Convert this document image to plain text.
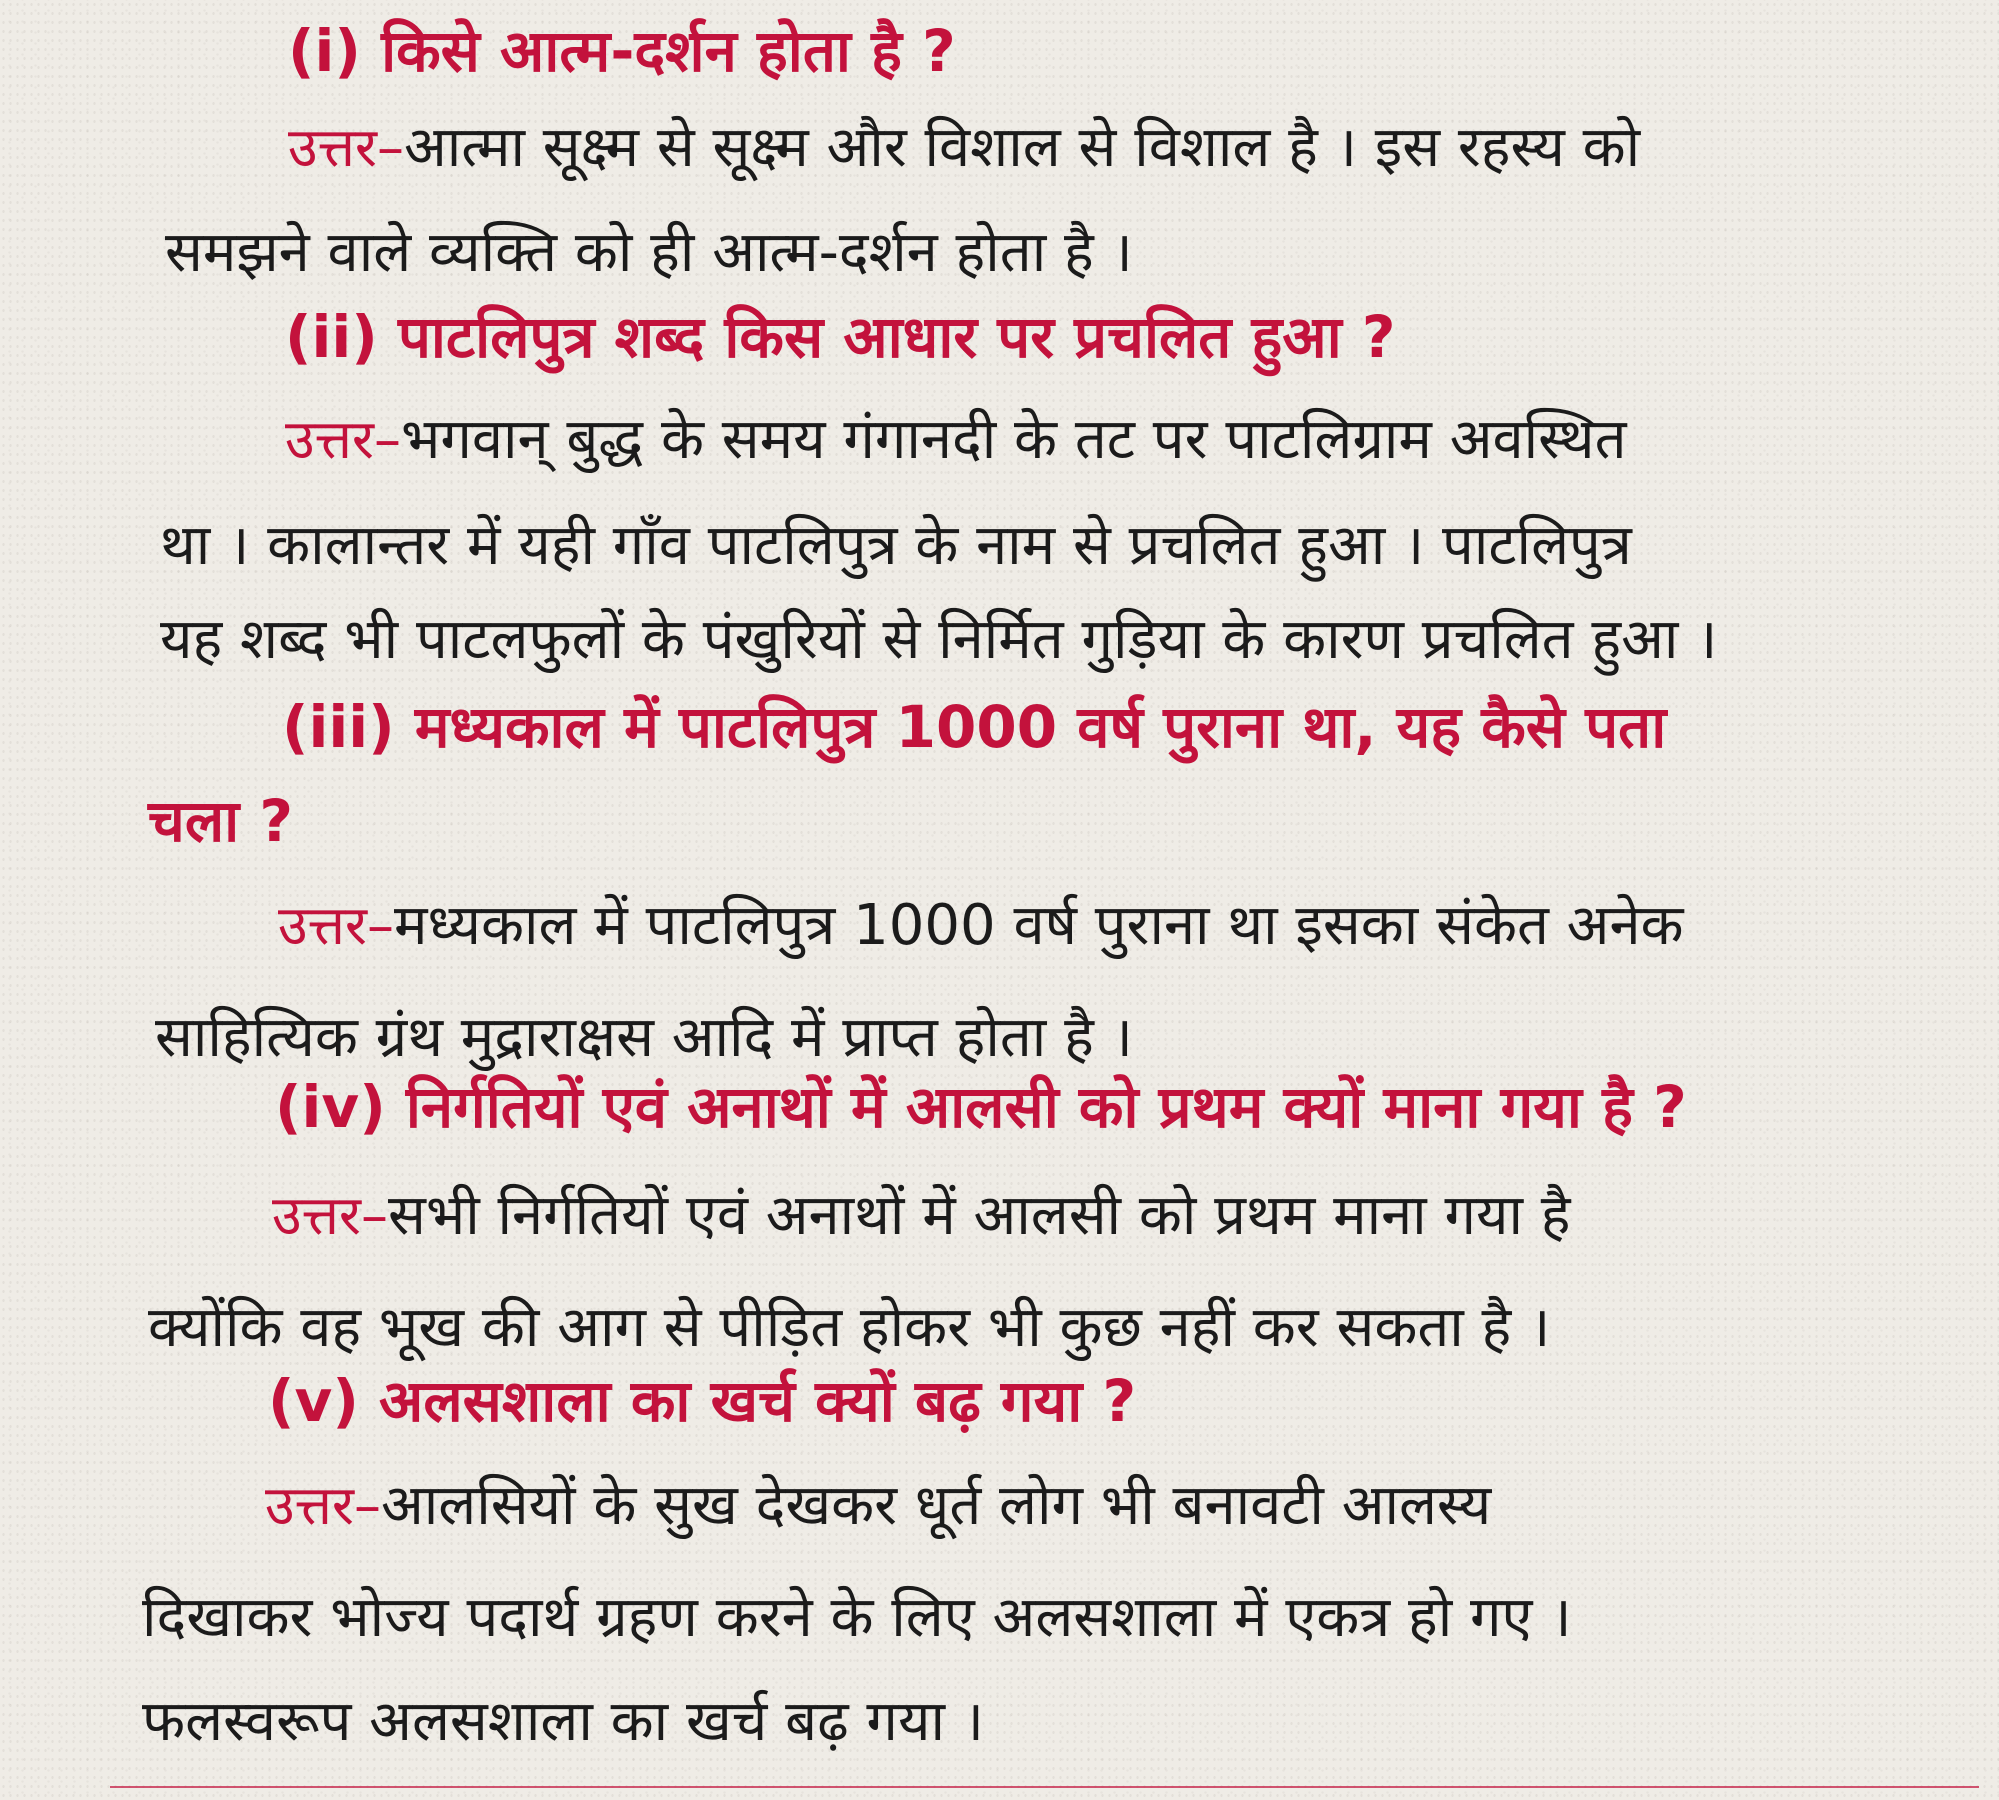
(i) किसे आत्म-दर्शन होता है ?
उत्तर–आत्मा सूक्ष्म से सूक्ष्म और विशाल से विशाल है । इस रहस्य को
समझने वाले व्यक्ति को ही आत्म-दर्शन होता है ।
(ii) पाटलिपुत्र शब्द किस आधार पर प्रचलित हुआ ?
उत्तर–भगवान् बुद्ध के समय गंगानदी के तट पर पाटलिग्राम अवस्थित
था । कालान्तर में यही गाँव पाटलिपुत्र के नाम से प्रचलित हुआ । पाटलिपुत्र
यह शब्द भी पाटलफुलों के पंखुरियों से निर्मित गुड़िया के कारण प्रचलित हुआ ।
(iii) मध्यकाल में पाटलिपुत्र 1000 वर्ष पुराना था, यह कैसे पता
चला ?
उत्तर–मध्यकाल में पाटलिपुत्र 1000 वर्ष पुराना था इसका संकेत अनेक
साहित्यिक ग्रंथ मुद्राराक्षस आदि में प्राप्त होता है ।
(iv) निर्गतियों एवं अनाथों में आलसी को प्रथम क्यों माना गया है ?
उत्तर–सभी निर्गतियों एवं अनाथों में आलसी को प्रथम माना गया है
क्योंकि वह भूख की आग से पीड़ित होकर भी कुछ नहीं कर सकता है ।
(v) अलसशाला का खर्च क्यों बढ़ गया ?
उत्तर–आलसियों के सुख देखकर धूर्त लोग भी बनावटी आलस्य
दिखाकर भोज्य पदार्थ ग्रहण करने के लिए अलसशाला में एकत्र हो गए ।
फलस्वरूप अलसशाला का खर्च बढ़ गया ।
